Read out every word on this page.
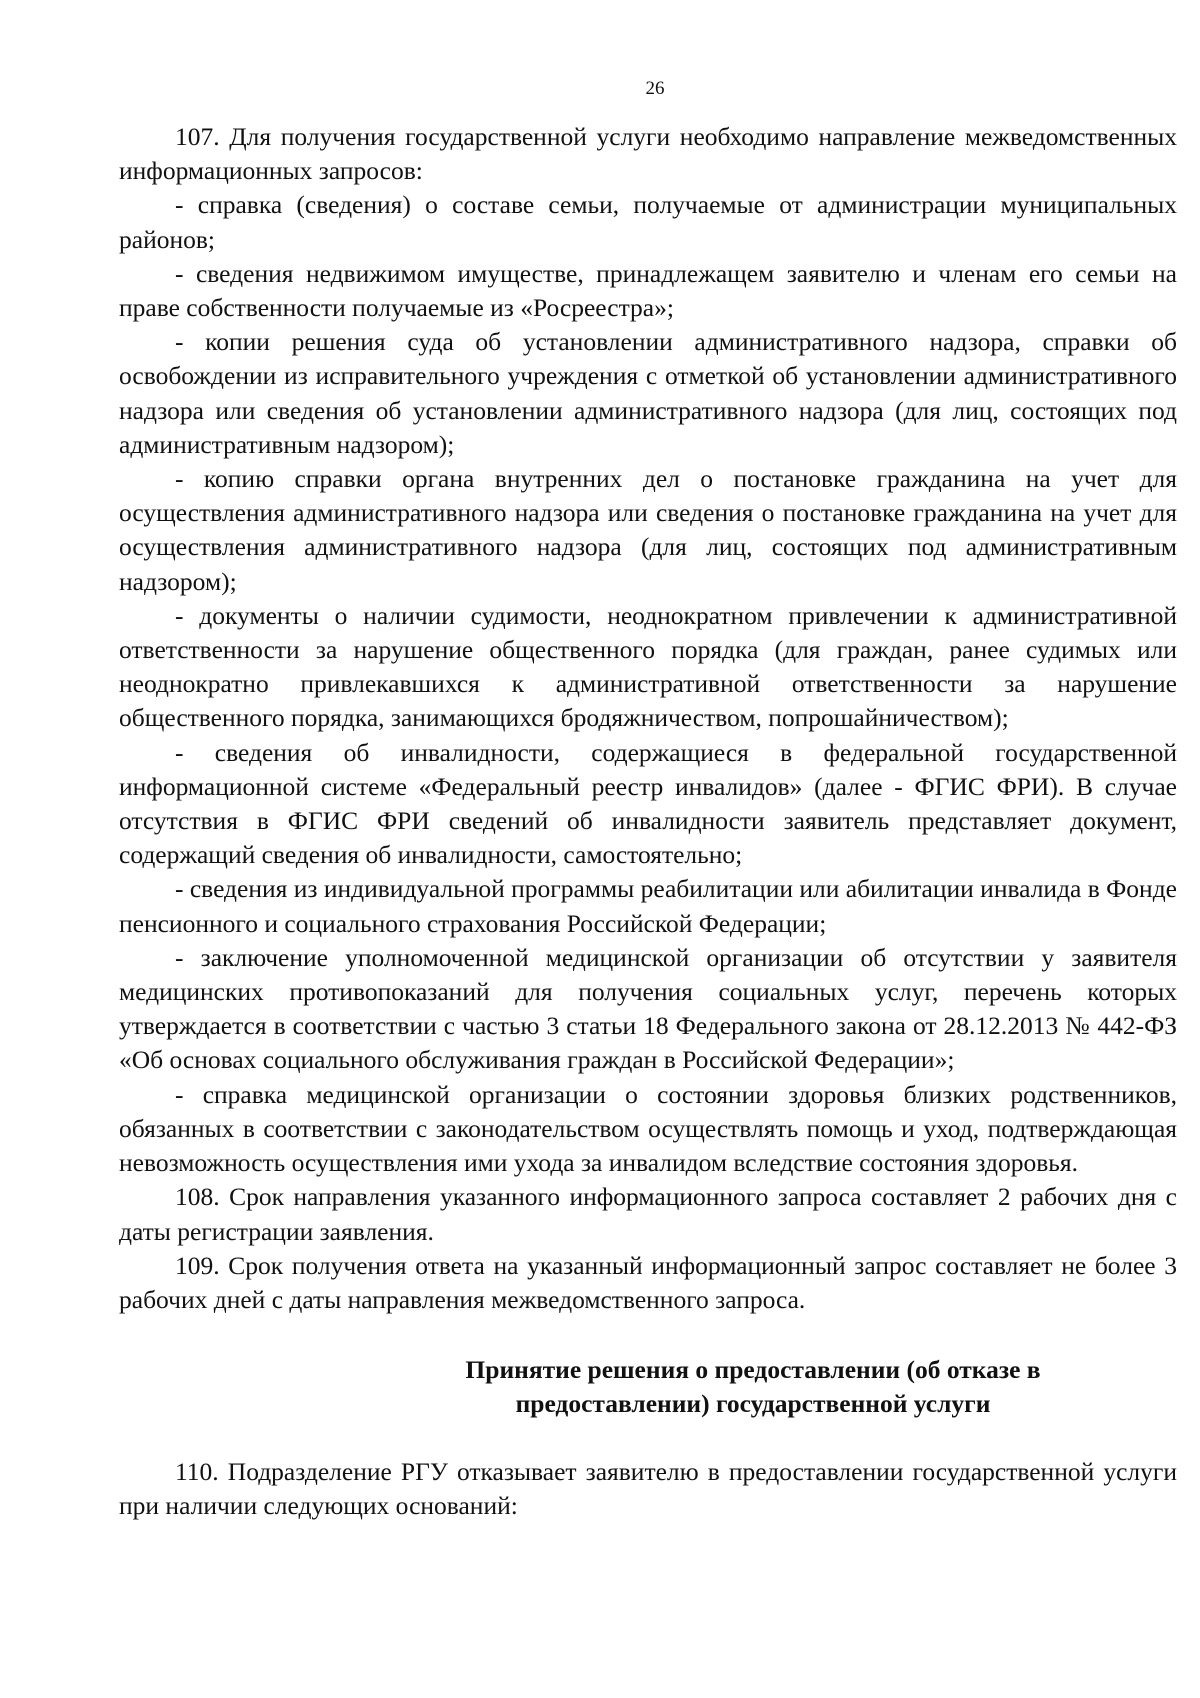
26

107. Для получения государственной услуги необходимо направление межведомственных информационных запросов:

- справка (сведения) о составе семьи, получаемые от администрации муниципальных районов;

- сведения недвижимом имуществе, принадлежащем заявителю и членам его семьи на праве собственности получаемые из «Росреестра»;

- копии решения суда об установлении административного надзора, справки об освобождении из исправительного учреждения с отметкой об установлении административного надзора или сведения об установлении административного надзора (для лиц, состоящих под административным надзором);

- копию справки органа внутренних дел о постановке гражданина на учет для осуществления административного надзора или сведения о постановке гражданина на учет для осуществления административного надзора (для лиц, состоящих под административным надзором);

- документы о наличии судимости, неоднократном привлечении к административной ответственности за нарушение общественного порядка (для граждан, ранее судимых или неоднократно привлекавшихся к административной ответственности за нарушение общественного порядка, занимающихся бродяжничеством, попрошайничеством);

- сведения об инвалидности, содержащиеся в федеральной государственной информационной системе «Федеральный реестр инвалидов» (далее - ФГИС ФРИ). В случае отсутствия в ФГИС ФРИ сведений об инвалидности заявитель представляет документ, содержащий сведения об инвалидности, самостоятельно;

- сведения из индивидуальной программы реабилитации или абилитации инвалида в Фонде пенсионного и социального страхования Российской Федерации;

- заключение уполномоченной медицинской организации об отсутствии у заявителя медицинских противопоказаний для получения социальных услуг, перечень которых утверждается в соответствии с частью 3 статьи 18 Федерального закона от 28.12.2013 № 442-ФЗ «Об основах социального обслуживания граждан в Российской Федерации»;

- справка медицинской организации о состоянии здоровья близких родственников, обязанных в соответствии с законодательством осуществлять помощь и уход, подтверждающая невозможность осуществления ими ухода за инвалидом вследствие состояния здоровья.

108. Срок направления указанного информационного запроса составляет 2 рабочих дня с даты регистрации заявления.

109. Срок получения ответа на указанный информационный запрос составляет не более 3 рабочих дней с даты направления межведомственного запроса.

Принятие решения о предоставлении (об отказе в
предоставлении) государственной услуги

110. Подразделение РГУ отказывает заявителю в предоставлении государственной услуги при наличии следующих оснований:
